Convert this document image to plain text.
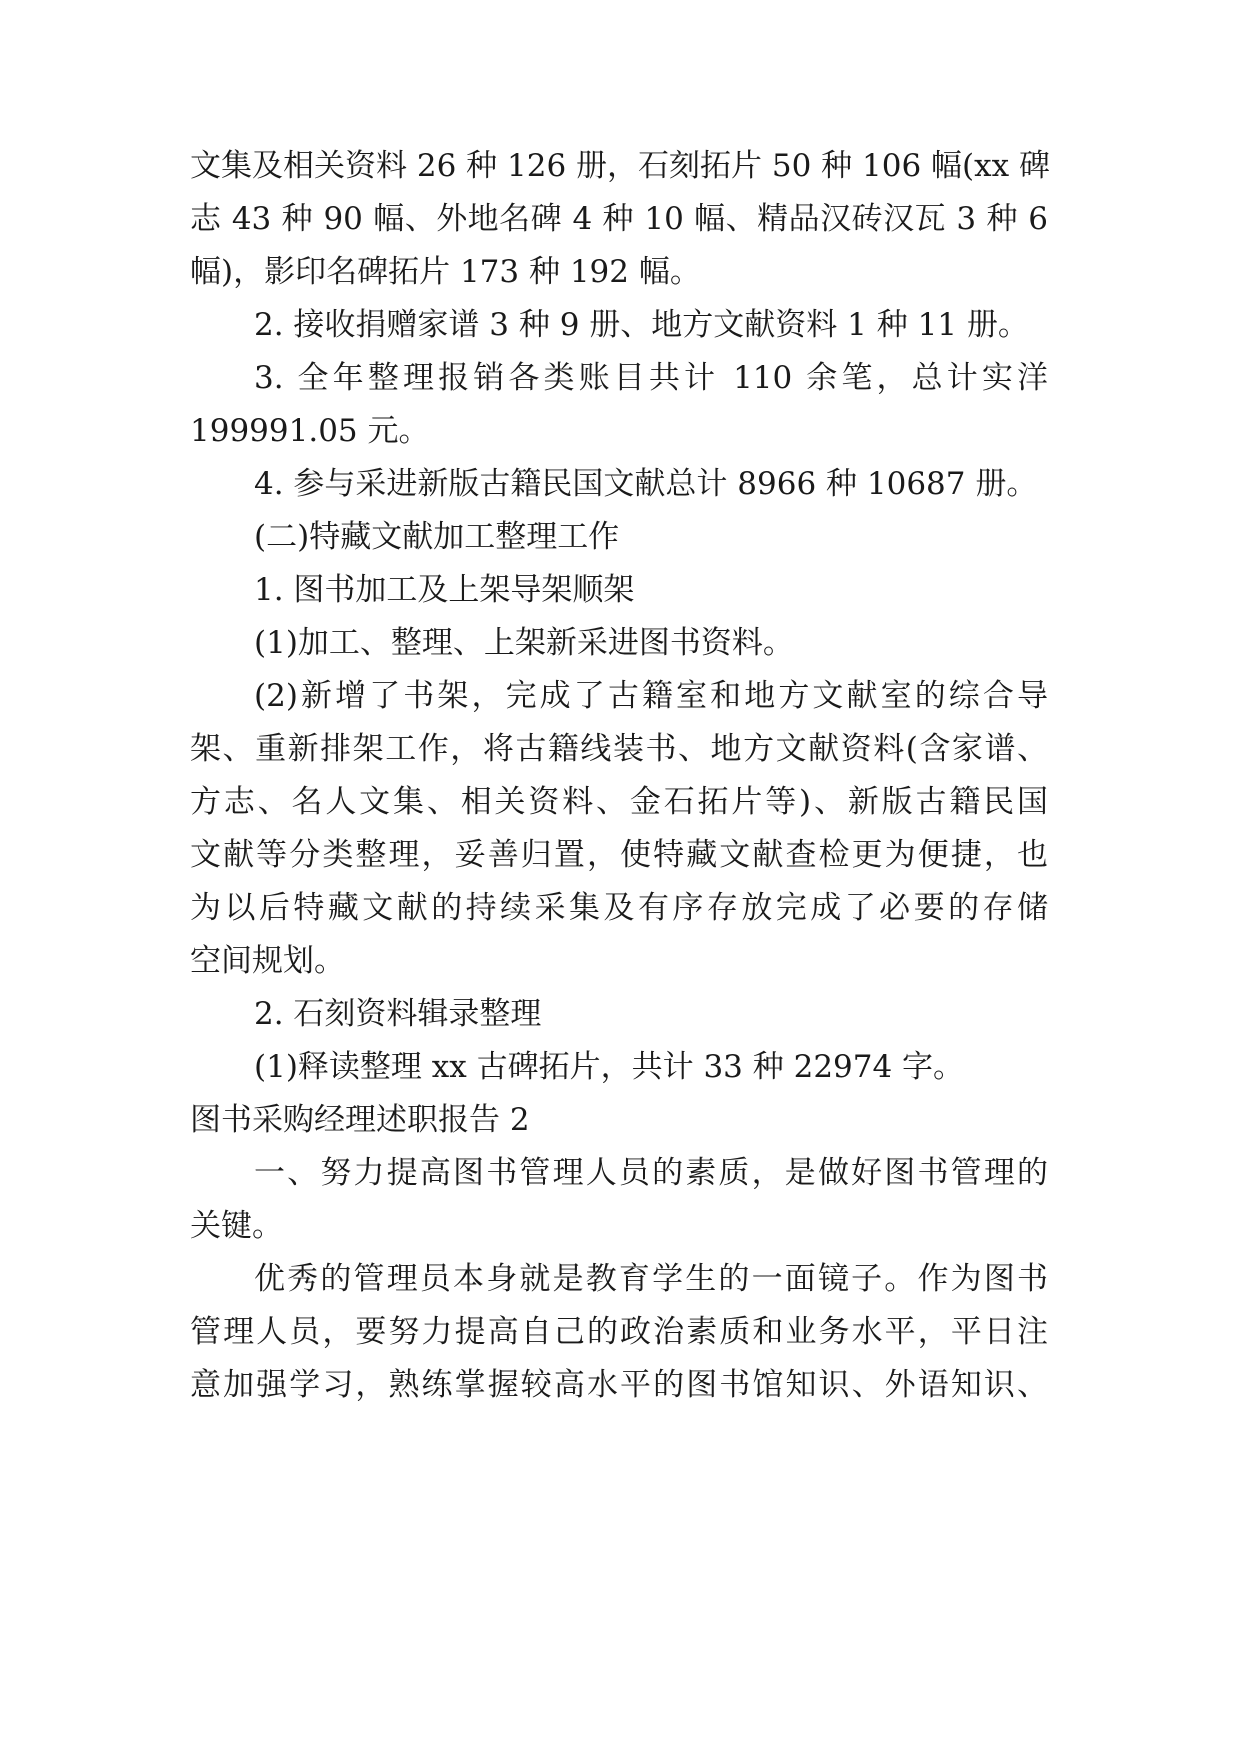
文集及相关资料 26 种 126 册，石刻拓片 50 种 106 幅(xx 碑
志 43 种 90 幅、外地名碑 4 种 10 幅、精品汉砖汉瓦 3 种 6
幅)，影印名碑拓片 173 种 192 幅。
2. 接收捐赠家谱 3 种 9 册、地方文献资料 1 种 11 册。
3. 全年整理报销各类账目共计 110 余笔，总计实洋
199991.05 元。
4. 参与采进新版古籍民国文献总计 8966 种 10687 册。
(二)特藏文献加工整理工作
1. 图书加工及上架导架顺架
(1)加工、整理、上架新采进图书资料。
(2)新增了书架，完成了古籍室和地方文献室的综合导
架、重新排架工作，将古籍线装书、地方文献资料(含家谱、
方志、名人文集、相关资料、金石拓片等)、新版古籍民国
文献等分类整理，妥善归置，使特藏文献查检更为便捷，也
为以后特藏文献的持续采集及有序存放完成了必要的存储
空间规划。
2. 石刻资料辑录整理
(1)释读整理 xx 古碑拓片，共计 33 种 22974 字。
图书采购经理述职报告 2
一、努力提高图书管理人员的素质，是做好图书管理的
关键。
优秀的管理员本身就是教育学生的一面镜子。作为图书
管理人员，要努力提高自己的政治素质和业务水平，平日注
意加强学习，熟练掌握较高水平的图书馆知识、外语知识、
